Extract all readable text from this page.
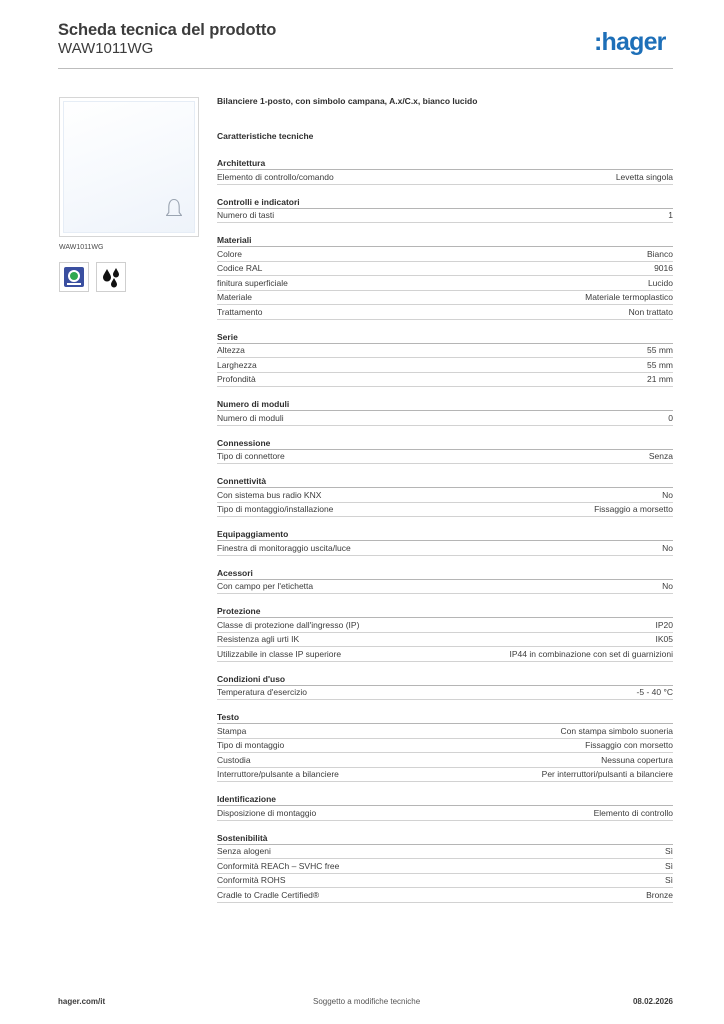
Scheda tecnica del prodotto
WAW1011WG	:hager
WAW1011WG
Bilanciere 1-posto, con simbolo campana, A.x/C.x, bianco lucido
Caratteristiche tecniche
Architettura
Elemento di controllo/comando	Levetta singola
Controlli e indicatori
Numero di tasti	1
Materiali
Colore	Bianco
Codice RAL	9016
finitura superficiale	Lucido
Materiale	Materiale termoplastico
Trattamento	Non trattato
Serie
Altezza	55 mm
Larghezza	55 mm
Profondità	21 mm
Numero di moduli
Numero di moduli	0
Connessione
Tipo di connettore	Senza
Connettività
Con sistema bus radio KNX	No
Tipo di montaggio/installazione	Fissaggio a morsetto
Equipaggiamento
Finestra di monitoraggio uscita/luce	No
Acessori
Con campo per l'etichetta	No
Protezione
Classe di protezione dall'ingresso (IP)	IP20
Resistenza agli urti IK	IK05
Utilizzabile in classe IP superiore	IP44 in combinazione con set di guarnizioni
Condizioni d'uso
Temperatura d'esercizio	-5 - 40 °C
Testo
Stampa	Con stampa simbolo suoneria
Tipo di montaggio	Fissaggio con morsetto
Custodia	Nessuna copertura
Interruttore/pulsante a bilanciere	Per interruttori/pulsanti a bilanciere
Identificazione
Disposizione di montaggio	Elemento di controllo
Sostenibilità
Senza alogeni	Sì
Conformità REACh – SVHC free	Sì
Conformità ROHS	Sì
Cradle to Cradle Certified®	Bronze
hager.com/it	Soggetto a modifiche tecniche	08.02.2026
